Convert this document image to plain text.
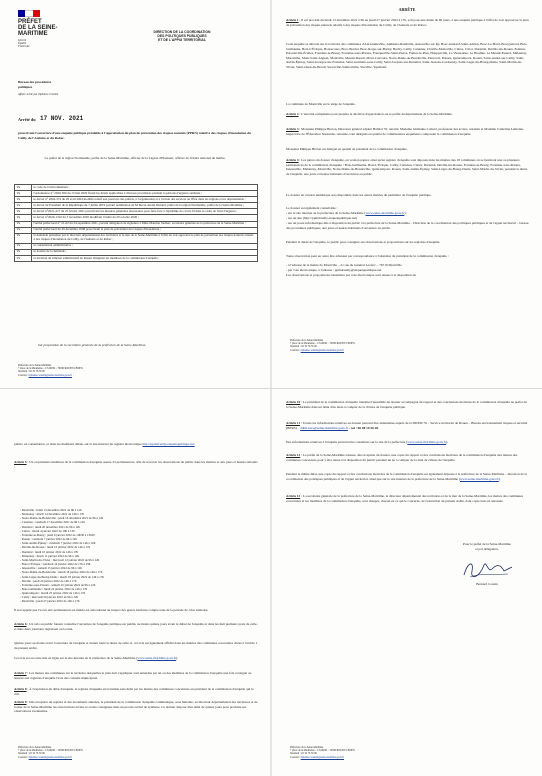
PRÉFET
DE LA SEINE-
MARITIME
Liberté
Égalité
Fraternité
DIRECTION DE LA COORDINATION
DES POLITIQUES PUBLIQUES
ET DE L'APPUI TERRITORIAL

Bureau des procédures publiques

Affaire suivie par Tiphaine Cotentin

Arrêté du 17 NOV. 2021

prescrivant l'ouverture d'une enquête publique préalable à l'approbation du plan de prévention des risques naturels (PPRN) relatif à des risques d'inondation du Cailly, de l'Aubette et du Robec.

Le préfet de la région Normandie, préfet de la Seine-Maritime, officier de la Légion d'Honneur, officier de l'Ordre national du mérite,

Vu	le code de l'environnement ;
Vu	l'ordonnance n° 2020-560 du 13 mai 2020 fixant les délais applicables à diverses procédures pendant la période d'urgence sanitaire ;
Vu	le décret n° 2004-374 du 29 avril 2004 modifié relatif aux pouvoirs des préfets, à l'organisation et à l'action des services de l'État dans les régions et les départements ;
Vu	le décret du Président de la République du 7 juillet 2019 portant nomination de M Pierre-André Durand, préfet de la région Normandie, préfet de la Seine-Maritime ;
Vu	le décret n°2021-217 du 25 février 2021 prescrivant les mesures générales nécessaires pour faire face à l'épidémie de covid-19 dans le cadre de l'état d'urgence ;
Vu	le décret n°2020-1310 du 3 novembre 2020 modifiant l'arrêté du 29 octobre 2020 ;
Vu	l'arrêté préfectoral n° 21-02 du 24 septembre 2021, portant délégation de signature à Mme Maurine Sieffert, secrétaire générale de la préfecture de la Seine-Maritime ;
Vu	l'arrêté préfectoral du 29 décembre 2008 prescrivant le plan de prévention des risques d'inondation ;
Vu	la demande présentée par le directeur départemental des territoires et la mer de la Seine-Maritime à l'effet de voir approuvé le plan de prévention des risques naturels relatifs à des risques d'inondation du Cailly, de l'Aubette et du Robec ;
Vu	la consultation administrative ;
Vu	le dossier de la demande ;
Vu	la décision du tribunal administratif de Rouen désignant les membres de la commission d'enquête ;

Sur proposition de la secrétaire générale de la préfecture de la Seine-Maritime,

Préfecture de la Seine-Maritime
7 place de la Madeleine – CS16036 – 76036 ROUEN CEDEX
Standard : 02 32 76 50 00
Courriel : tiphaine.cotentin@seine-maritime.gouv.fr

ARRÊTE

Article 1 : Il est procédé du lundi 13 décembre 2021 à 9h au jeudi 27 janvier 2022 à 17h, soit pour une durée de 46 jours, à une enquête publique à l'effet de voir approuver le plan de prévention des risques naturels relatifs à des risques d'inondation du Cailly, de l'Aubette et du Robec.

Cette enquête se déroule sur le territoire des communes d'Anceaumeville, Authieux-Ratiéville, Auzouville sur Ry, Bosc-Guérard-Saint-Adrien, Bosc-Le-Hard, Boscguérard, Bois-Guillaume, Bois-L'Évêque, Bonsecours, Bosc-Bordel, Bosc-Roger-sur-Buchy, Buchy, Cailly, Canteleu, Claville-Motteville, Clères, Critot, Darnétal, Déville-lès-Rouen, Eslettes, Estouteville-Écalles, Fontaine-le-Bourg, Fontaine-sous-Préaux, Franqueville-Saint-Pierre, Frénes-le-Plan, Houppeville, La Vieux-Rue, Le Houlme, Le Mesnil-Esnard, Malaunay, Maromme, Mont-Saint-Aignan, Montville, Mesnil-Raoult, Mont-Cauvaire, Notre-Dame-de-Bondeville, Pierreval, Préaux, Quincampoix, Rouen, Saint-André-sur-Cailly, Saint-Aubin-Épinay, Saint-Georges-sur-Fontaine, Saint-Germain-sous-Cailly, Saint-Jacques-sur-Darnétal, Saint-Jean-du-Cardonnay, Saint-Léger-du-Bourg-Denis, Saint-Martin-du-Vivier, Saint-Ouen-du-Breuil, Servaville-Salmonville, Sierville, Yquebeuf.

La commune de Montville est le siège de l'enquête.

Article 2 : L'autorité compétente pour prendre la décision d'approbation est le préfet du département de la Seine-Maritime.

Article 3 : Monsieur Philippe Breton, Directeur général adjoint Habitat 76, retraité, Madame Ghislaine Collard, professeur des écoles, retraitée et Madame Catherine Lemoine, inspectrice de l'Éducation Nationale, retraitée, sont désignés en qualité de commissaires enquêteurs composant la commission d'enquête.

Monsieur Philippe Breton est désigné en qualité de président de la commission d'enquête.

Article 4 : Les pièces du dossier d'enquête, en version papier, ainsi qu'un registre d'enquête sont déposés dans les mairies des 18 communes où se tiendront une ou plusieurs permanences de la commission d'enquête : Bois-Guillaume, Bois-L'Évêque, Cailly, Canteleu, Clères, Darnétal, Déville-lès-Rouen, Fontaine-le-Bourg, Fontaine-sous-Préaux, Isneauville, Malaunay, Montville, Notre-Dame-de-Bondeville, Quincampoix, Rouen, Saint-Aubin-Épinay, Saint-Léger-du-Bourg-Denis, Saint-Martin-du-Vivier, pendant la durée de l'enquête, aux jours et heures habituels d'ouverture au public.

Le dossier en version numérique sera disponible dans les autres mairies du périmètre de l'enquête publique.

Le dossier est également consultable :

- sur le site internet de la préfecture de la Seine-Maritime (www.seine-maritime.gouv.fr) ;

- sur un site (http://ppmdcuelly.enquetepublique.net)

- sur un poste informatique mis à disposition du public à la préfecture de la Seine-Maritime – Direction de la coordination des politiques publiques et de l'appui territorial – bureau des procédures publiques, aux jours et heures habituels d'ouverture au public.

Pendant la durée de l'enquête, le public peut consigner ses observations et propositions sur les registres d'enquête.

Toute observation peut en outre être adressée par correspondance à l'attention du président de la commission d'enquête :

- à l'adresse de la mairie de Montville – 21 rue du Général Leclerc – 76710 Montville

- par voie électronique, à l'adresse : ppmdcuelly@enquetepublique.net

Les observations et propositions transmises par voie électronique sont tenues à la disposition du

Préfecture de la Seine-Maritime
7 place de la Madeleine – CS16036 – 76036 ROUEN CEDEX
Standard : 02 32 76 50 00
Courriel : tiphaine.cotentin@seine-maritime.gouv.fr

public, en consultation, et dans les meilleurs délais, sur le site internet du registre électronique http://ppmdcuelly.enquetepublique.net

Article 5 : Un ou plusieurs membres de la commission d'enquête assure 23 permanences, afin de recevoir les observations du public dans les mairies et aux jours et heures suivants :

- Montville : lundi 13 décembre 2021 de 9h à 12h
- Malaunay : mardi 14 décembre 2021 de 14h à 17h
- Notre-Dame-de-Bondeville : jeudi 16 décembre 2021 de 9h à 12h
- Canteleu : vendredi 17 décembre 2021 de 9h à 12h
- Darnétal : lundi 20 décembre 2021 de 9h à 12h
- Clères : mardi 4 janvier 2022 de 10h à 13h
- Fontaine-le-Bourg : jeudi 6 janvier 2022 de 10h30 à 13h30
- Rouen : vendredi 7 janvier 2022 de 9h à 12h
- Saint-Aubin-Épinay : vendredi 7 janvier 2022 de 14h à 16h
- Déville-lès-Rouen : lundi 10 janvier 2022 de 14h à 17h
- Darnétal : lundi 10 janvier 2022 de 14h à 17h
- Malaunay : mardi 11 janvier 2022 de 9h à 12h
- Saint-Martin-du-Vivier : mercredi 12 janvier 2022 de 9h à 12h
- Bois-L'Évêque : vendredi 14 janvier 2022 de 17h à 19h
- Isneauville : samedi 15 janvier 2022 de 9h à 12h
- Notre-Dame-de-Bondeville : mardi 18 janvier 2022 de 14h à 17h
- Saint-Léger-du-Bourg-Denis : mardi 18 janvier 2022 de 14h à 17h
- Déville : jeudi 20 janvier 2022 de 14h à 17h
- Fontaine-sous-Préaux : samedi 22 janvier 2022 de 9h à 12h
- Bois-Guillaume : lundi 24 janvier 2022 de 14h à 17h
- Quincampoix : mardi 25 janvier 2022 de 14h à 17h
- Cailly : mercredi 26 janvier 2022 de 9h à 12h
- Montville : jeudi 27 janvier 2022 de 14h à 17h

Il est rappelé que l'accès aux permanences en mairie est subordonné au respect des gestes barrières compte tenu de la période de crise sanitaire.

Article 6 : Un avis au public faisant connaître l'ouverture de l'enquête publique est publié, au moins quinze jours avant le début de l'enquête et dans les huit premiers jours de celle-ci dans deux journaux régionaux ou locaux.

Quinze jours au moins avant l'ouverture de l'enquête et durant toute la durée de celle-ci, cet avis est également affiché dans les mairies des communes concernées citées à l'article 1 du présent arrêté.

Cet avis est en outre mis en ligne sur le site internet de la préfecture de la Seine-Maritime (www.seine-maritime.gouv.fr).

Article 7 : Les maires des communes sur le territoire desquelles le plan doit s'appliquer sont entendus par un ou des membres de la commission d'enquête une fois consigné ou annexé aux registres d'enquête l'avis des conseils municipaux.

Article 8 : À l'expiration du délai d'enquête, le registre d'enquête est transmis sans délai par les maires des communes concernées au président de la commission d'enquête qui le clôt.

Article 9 : Dès réception du registre et des documents annexés, le président de la commission d'enquête communique, sous huitaine, au directeur départemental des territoires et de la mer de la Seine-Maritime les observations écrites et orales consignées dans un procès-verbal de synthèse. Ce dernier dispose d'un délai de quinze jours pour produire ses observations éventuelles.

Préfecture de la Seine-Maritime
7 place de la Madeleine – CS16036 – 76036 ROUEN CEDEX
Standard : 02 32 76 50 00
Courriel : tiphaine.cotentin@seine-maritime.gouv.fr

Article 10 : Le président de la commission d'enquête transmet l'ensemble du dossier accompagné du rapport et des conclusions motivées de la commission d'enquête au préfet de la Seine-Maritime dans un délai d'un mois à compter de la clôture de l'enquête publique.

Article 11 : Toutes les informations relatives au dossier peuvent être demandées auprès de la DDTM 76 – Service territorial de Rouen – Bureau environnement risques et sécurité (BERS) – ddtm-bers@seine-maritime.gouv.fr – tel : 06 08 10 56 28.

Des informations relatives à l'enquête peuvent être consultées sur le site de la préfecture (www.seine-maritime.gouv.fr).

Article 12 : Le préfet de la Seine-Maritime adresse, dès réception du dossier, une copie du rapport et des conclusions motivées de la commission d'enquête aux maires des communes concernées pour y être tenue à la disposition du public pendant un an à compter de la date de clôture de l'enquête.

Pendant le même délai, une copie du rapport et des conclusions motivées de la commission d'enquête est également déposée à la préfecture de la Seine-Maritime – direction de la coordination des politiques publiques et de l'appui territorial, ainsi que sur le site internet de la préfecture de la Seine-Maritime (www.seine-maritime.gouv.fr).

Article 13 : La secrétaire générale de la préfecture de la Seine-Maritime, le directeur départemental des territoires et de la mer de la Seine-Maritime, les maires des communes concernées et les membres de la commission d'enquête, sont chargés, chacun en ce qui le concerne, de l'exécution du présent arrêté, dont copie leur est adressée.

Pour le préfet de la Seine-Maritime
et par délégation,

Bernard Cousin

Préfecture de la Seine-Maritime
7 place de la Madeleine – CS16036 – 76036 ROUEN CEDEX
Standard : 02 32 76 50 00
Courriel : tiphaine.cotentin@seine-maritime.gouv.fr
